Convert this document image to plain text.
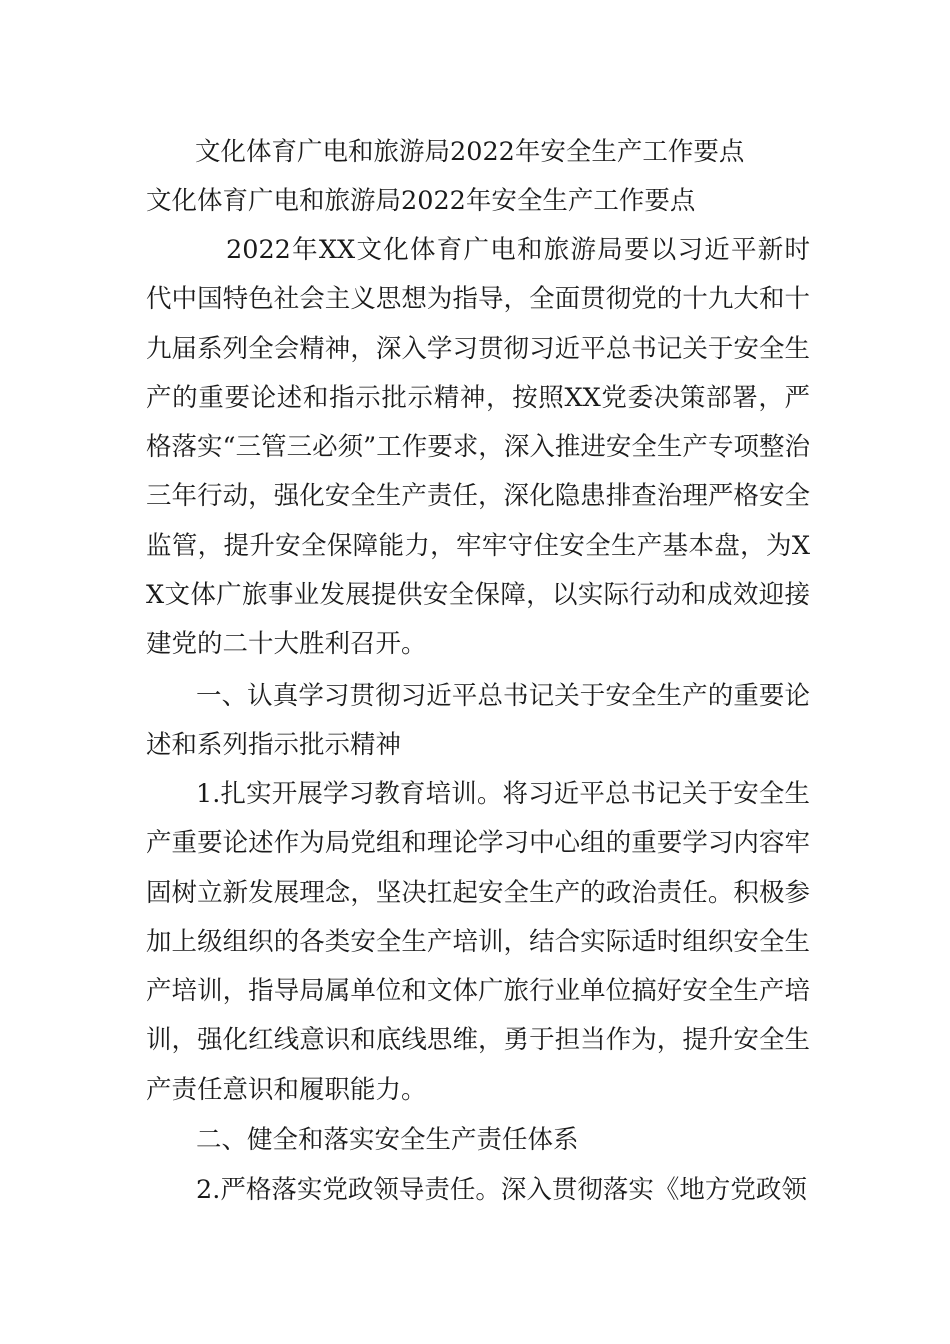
文化体育广电和旅游局2022年安全生产工作要点

文化体育广电和旅游局2022年安全生产工作要点

2022年XX文化体育广电和旅游局要以习近平新时代中国特色社会主义思想为指导，全面贯彻党的十九大和十九届系列全会精神，深入学习贯彻习近平总书记关于安全生产的重要论述和指示批示精神，按照XX党委决策部署，严格落实“三管三必须”工作要求，深入推进安全生产专项整治三年行动，强化安全生产责任，深化隐患排查治理严格安全监管，提升安全保障能力，牢牢守住安全生产基本盘，为XX文体广旅事业发展提供安全保障，以实际行动和成效迎接建党的二十大胜利召开。

一、认真学习贯彻习近平总书记关于安全生产的重要论述和系列指示批示精神

1.扎实开展学习教育培训。将习近平总书记关于安全生产重要论述作为局党组和理论学习中心组的重要学习内容牢固树立新发展理念，坚决扛起安全生产的政治责任。积极参加上级组织的各类安全生产培训，结合实际适时组织安全生产培训，指导局属单位和文体广旅行业单位搞好安全生产培训，强化红线意识和底线思维，勇于担当作为，提升安全生产责任意识和履职能力。

二、健全和落实安全生产责任体系

2.严格落实党政领导责任。深入贯彻落实《地方党政领
